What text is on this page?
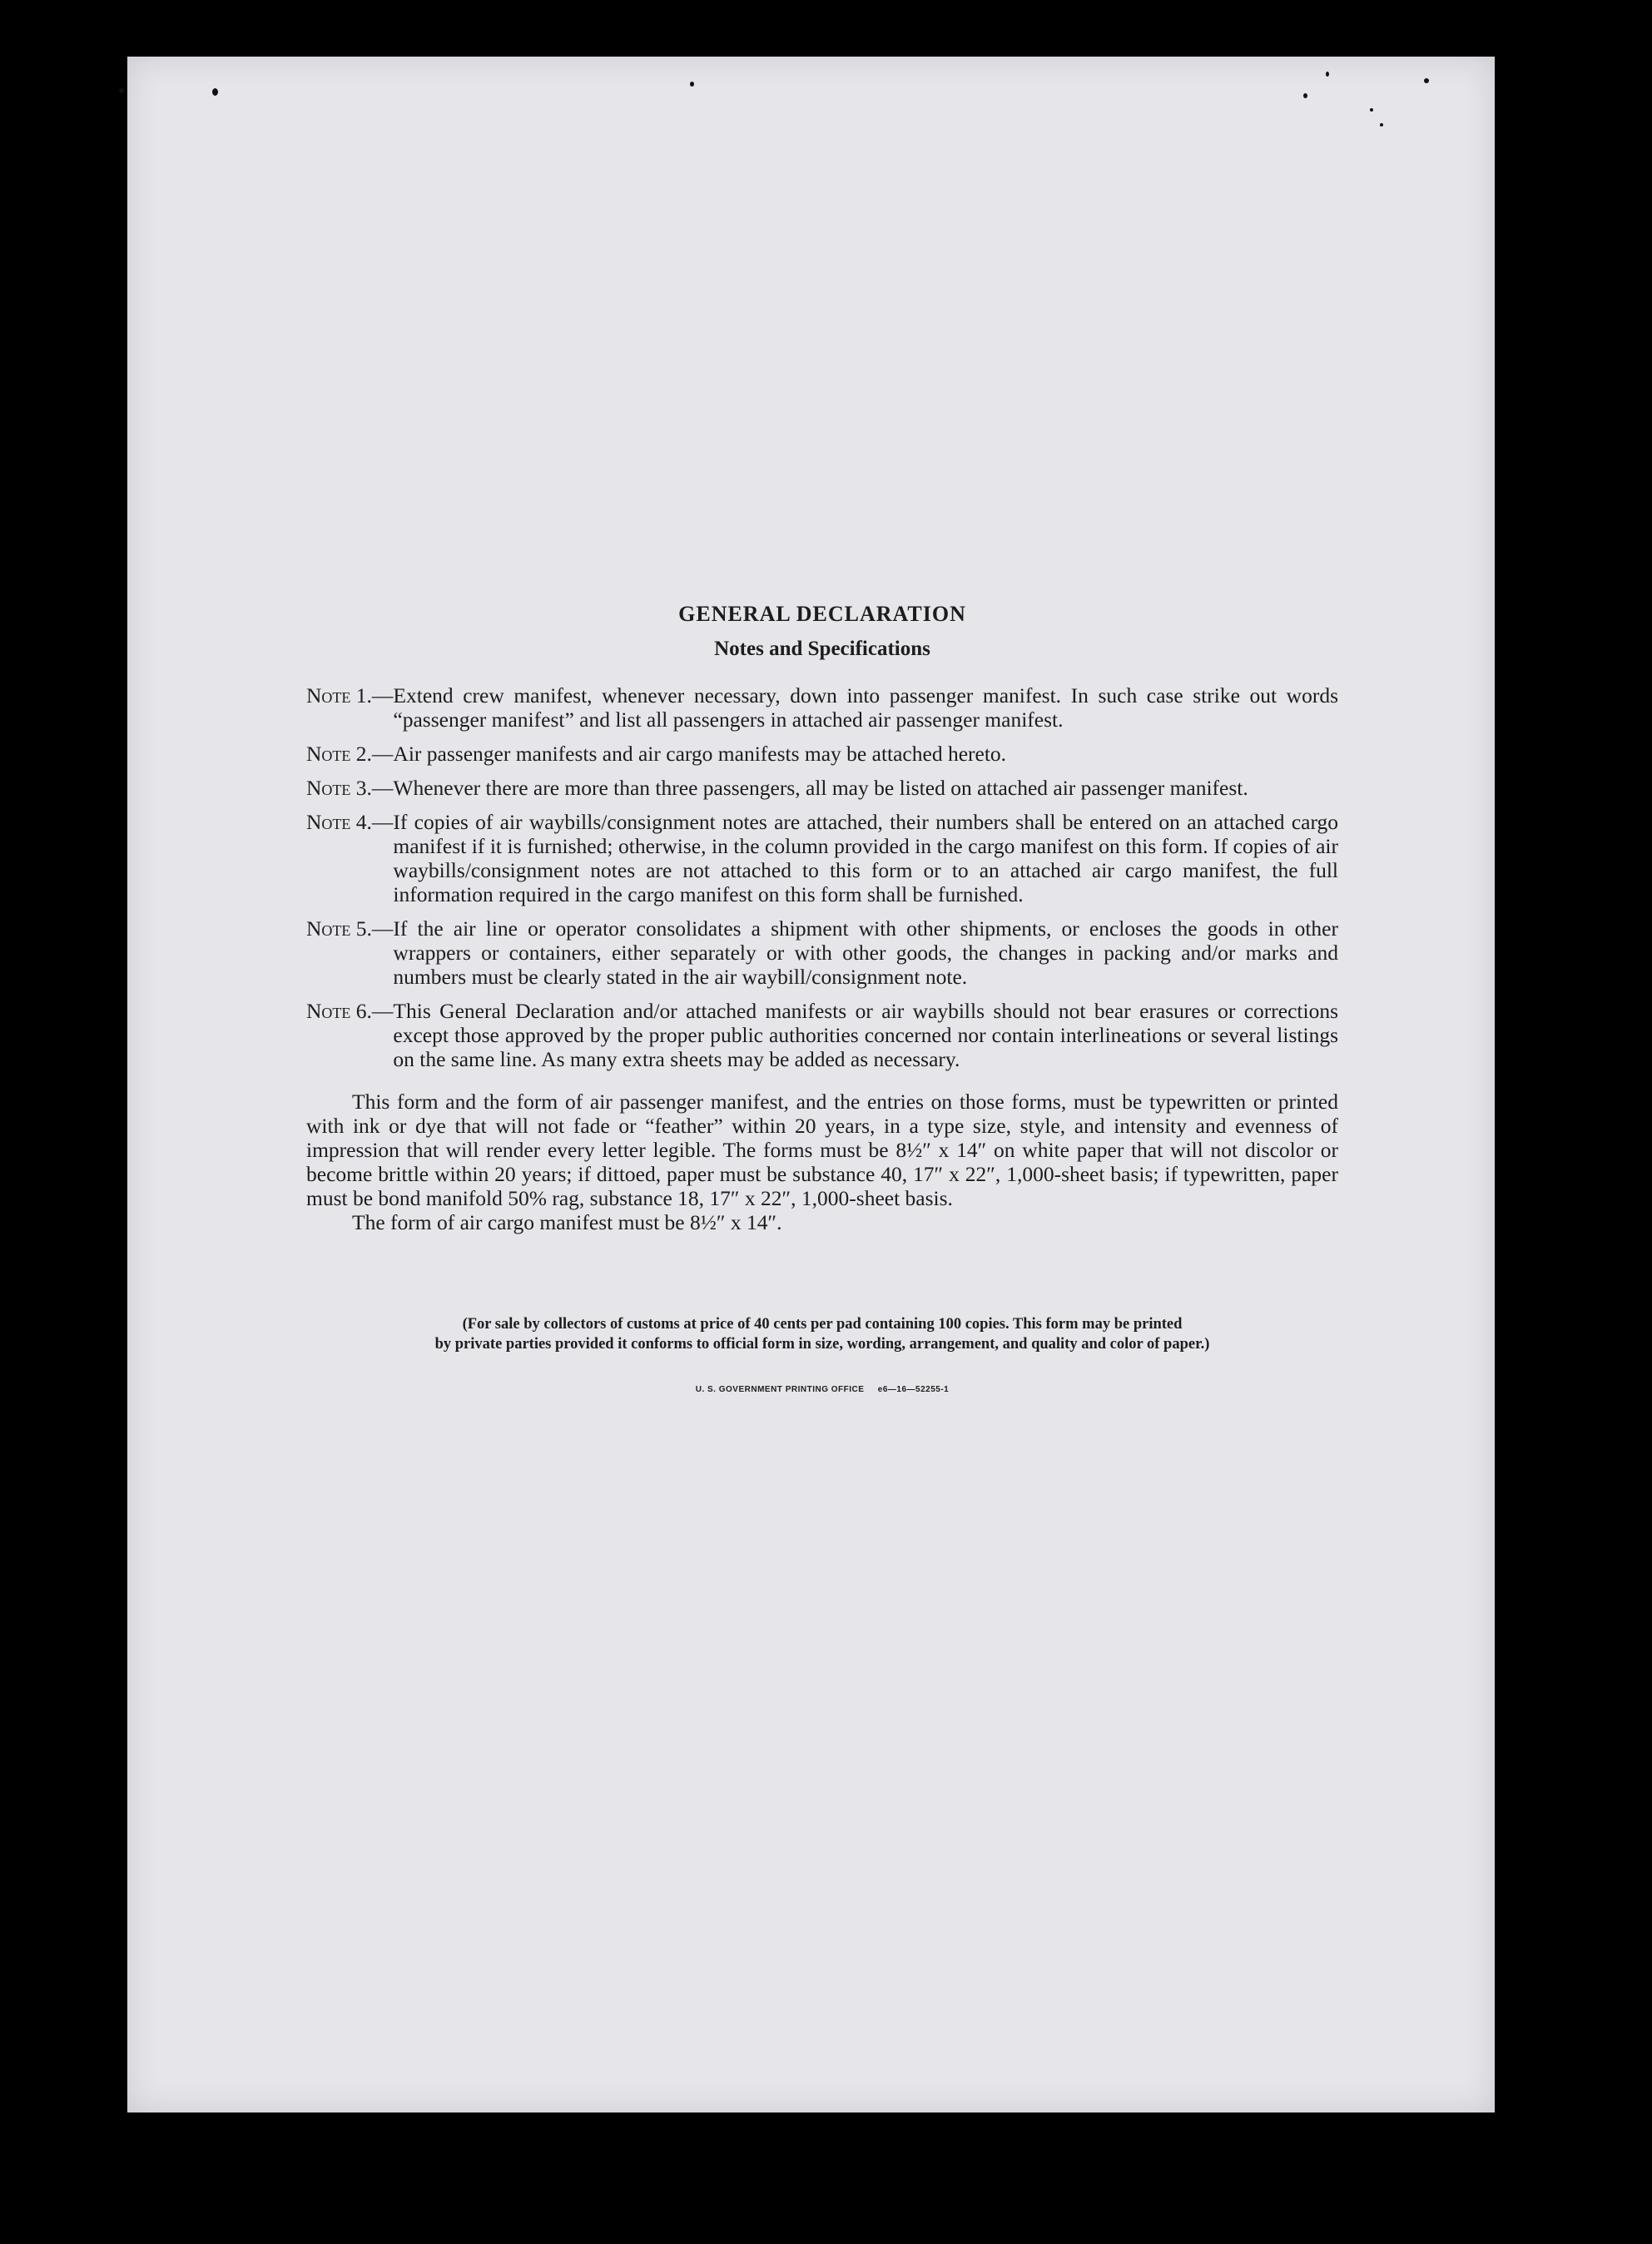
GENERAL DECLARATION
Notes and Specifications
Note 1.— Extend crew manifest, whenever necessary, down into passenger manifest. In such case strike out words “passenger manifest” and list all passengers in attached air passenger manifest.
Note 2.— Air passenger manifests and air cargo manifests may be attached hereto.
Note 3.— Whenever there are more than three passengers, all may be listed on attached air passenger manifest.
Note 4.— If copies of air waybills/consignment notes are attached, their numbers shall be entered on an attached cargo manifest if it is furnished; otherwise, in the column provided in the cargo manifest on this form. If copies of air waybills/consignment notes are not attached to this form or to an attached air cargo manifest, the full information required in the cargo manifest on this form shall be furnished.
Note 5.— If the air line or operator consolidates a shipment with other shipments, or encloses the goods in other wrappers or containers, either separately or with other goods, the changes in packing and/or marks and numbers must be clearly stated in the air waybill/consignment note.
Note 6.— This General Declaration and/or attached manifests or air waybills should not bear erasures or corrections except those approved by the proper public authorities concerned nor contain interlineations or several listings on the same line. As many extra sheets may be added as necessary.

This form and the form of air passenger manifest, and the entries on those forms, must be typewritten or printed with ink or dye that will not fade or “feather” within 20 years, in a type size, style, and intensity and evenness of impression that will render every letter legible. The forms must be 8½″ x 14″ on white paper that will not discolor or become brittle within 20 years; if dittoed, paper must be substance 40, 17″ x 22″, 1,000-sheet basis; if typewritten, paper must be bond manifold 50% rag, substance 18, 17″ x 22″, 1,000-sheet basis.

The form of air cargo manifest must be 8½″ x 14″.

(For sale by collectors of customs at price of 40 cents per pad containing 100 copies. This form may be printed
by private parties provided it conforms to official form in size, wording, arrangement, and quality and color of paper.)
U. S. GOVERNMENT PRINTING OFFICE     e6—16—52255-1
